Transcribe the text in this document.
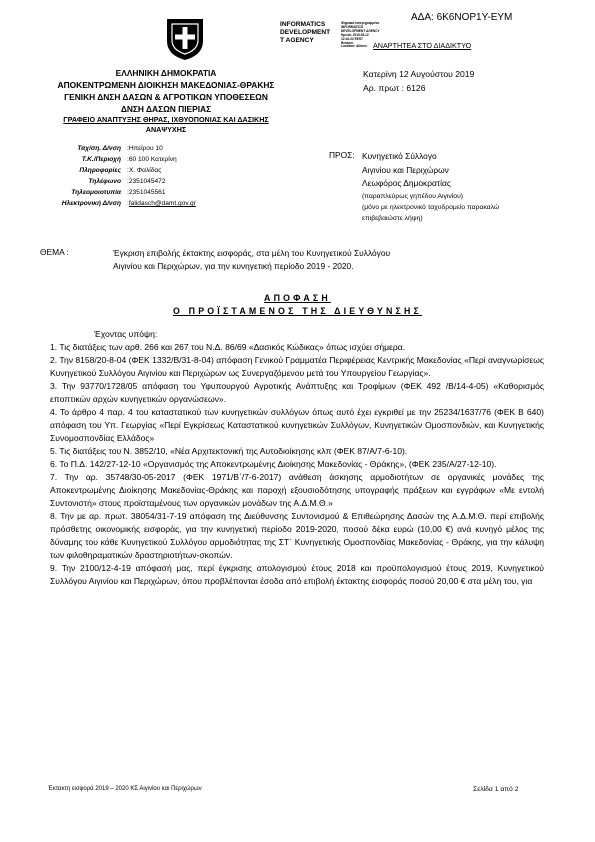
ΑΔΑ: 6Κ6ΝΟΡ1Υ-ΕΥΜ
INFORMATICS
DEVELOPMENT
T AGENCY
Ψηφιακά υπογεγραμμένο
INFORMATICS
DEVELOPMENT AGENCY
Ημ/νία: 2019.08.12
12:44:22 EEST
Reason:
Location: Athens ΑΝΑΡΤΗΤΕΑ ΣΤΟ ΔΙΑΔΙΚΤΥΟ
ΕΛΛΗΝΙΚΗ ΔΗΜΟΚΡΑΤΙΑ
ΑΠΟΚΕΝΤΡΩΜΕΝΗ ΔΙΟΙΚΗΣΗ ΜΑΚΕΔΟΝΙΑΣ-ΘΡΑΚΗΣ
ΓΕΝΙΚΗ ΔΝΣΗ ΔΑΣΩΝ & ΑΓΡΟΤΙΚΩΝ ΥΠΟΘΕΣΕΩΝ
ΔΝΣΗ ΔΑΣΩΝ ΠΙΕΡΙΑΣ
ΓΡΑΦΕΙΟ ΑΝΑΠΤΥΞΗΣ ΘΗΡΑΣ, ΙΧΘΥΟΠΟΝΙΑΣ ΚΑΙ ΔΑΣΙΚΗΣ
ΑΝΑΨΥΧΗΣ
Κατερίνη 12 Αυγούστου 2019
Αρ. πρωτ : 6126
Ταχ/ση. Δ/νση :Ηπείρου 10
Τ.Κ./Περιοχή :60 100 Κατερίνη
Πληροφορίες :Χ. Φαλίδας
Τηλέφωνο :2351045472
Τηλεομοιοτυπία :2351045561
Ηλεκτρονική Δ/νση :falidasch@damt.gov.gr
ΠΡΟΣ: Κυνηγετικό Σύλλογο
Αιγινίου και Περιχώρων
Λεωφόρος Δημοκρατίας
(παραπλεύρως γηπέδου Αιγινίου)
(μόνο με ηλεκτρονικό ταχυδρομείο παρακαλώ
επιβεβαιώστε λήψη)
ΘΕΜΑ :	Έγκριση επιβολής έκτακτης εισφοράς, στα μέλη του Κυνηγετικού Συλλόγου
Αιγινίου και Περιχώρων, για την κυνηγετική περίοδο 2019 - 2020.
ΑΠΟΦΑΣΗ
Ο ΠΡΟΪΣΤΑΜΕΝΟΣ ΤΗΣ ΔΙΕΥΘΥΝΣΗΣ

Έχοντας υπόψη:

1. Τις διατάξεις των αρθ. 266 και 267 του Ν.Δ. 86/69 «Δασικός Κώδικας» όπως ισχύει σήμερα.

2. Την 8158/20-8-04 (ΦΕΚ 1332/Β/31-8-04) απόφαση Γενικού Γραμματέα Περιφέρειας Κεντρικής Μακεδονίας «Περί αναγνωρίσεως Κυνηγετικού Συλλόγου Αιγινίου και Περιχώρων ως Συνεργαζόμενου μετά του Υπουργείου Γεωργίας».

3. Την 93770/1728/05 απόφαση του Υφυπουργού Αγροτικής Ανάπτυξης και Τροφίμων (ΦΕΚ 492 /Β/14-4-05) «Καθορισμός εποπτικών αρχών κυνηγετικών οργανώσεων».

4. Το άρθρο 4 παρ. 4 του καταστατικού των κυνηγετικών συλλόγων όπως αυτό έχει εγκριθεί με την 25234/1637/76 (ΦΕΚ Β 640) απόφαση του Υπ. Γεωργίας «Περί Εγκρίσεως Καταστατικού κυνηγετικών Συλλόγων, Κυνηγετικών Ομοσπονδιών, και Κυνηγετικής Συνομοσπονδίας Ελλάδος»

5. Τις διατάξεις του Ν. 3852/10, «Νέα Αρχιτεκτονική της Αυτοδιοίκησης κλπ (ΦΕΚ 87/Α/7-6-10).

6. Το Π.Δ. 142/27-12-10 «Οργανισμός της Αποκεντρωμένης Διοίκησης Μακεδονίας - Θράκης», (ΦΕΚ 235/Α/27-12-10).

7. Την αρ. 35748/30-05-2017 (ΦΕΚ 1971/Β΄/7-6-2017) ανάθεση άσκησης αρμοδιοτήτων σε οργανικές μονάδες της Αποκεντρωμένης Διοίκησης Μακεδονίας-Θράκης και παροχή εξουσιοδότησης υπογραφής πράξεων και εγγράφων «Με εντολή Συντονιστή» στους προϊσταμένους των οργανικών μονάδων της Α.Δ.Μ.Θ.»

8. Την με αρ. πρωτ. 38054/31-7-19 απόφαση της Διεύθυνσης Συντονισμού & Επιθεώρησης Δασών της Α.Δ.Μ.Θ. περί επιβολής πρόσθετης οικονομικής εισφοράς, για την κυνηγετική περίοδο 2019-2020, ποσού δέκα ευρώ (10,00 €) ανά κυνηγό μέλος της δύναμης του κάθε Κυνηγετικού Συλλόγου αρμοδιότητας της ΣΤ΄ Κυνηγετικής Ομοσπονδίας Μακεδονίας - Θράκης, για την κάλυψη των φιλοθηραματικών δραστηριοτήτων-σκοπών.

9. Την 2100/12-4-19 απόφασή μας, περί έγκρισης απολογισμού έτους 2018 και προϋπολογισμού έτους 2019, Κυνηγετικού Συλλόγου Αιγινίου και Περιχώρων, όπου προβλέπονται έσοδα από επιβολή έκτακτης εισφοράς ποσού 20,00 € στα μέλη του, για

Έκτακτη εισφορά 2019 – 2020 ΚΣ Αιγινίου και Περιχώρων	Σελίδα 1 από 2
